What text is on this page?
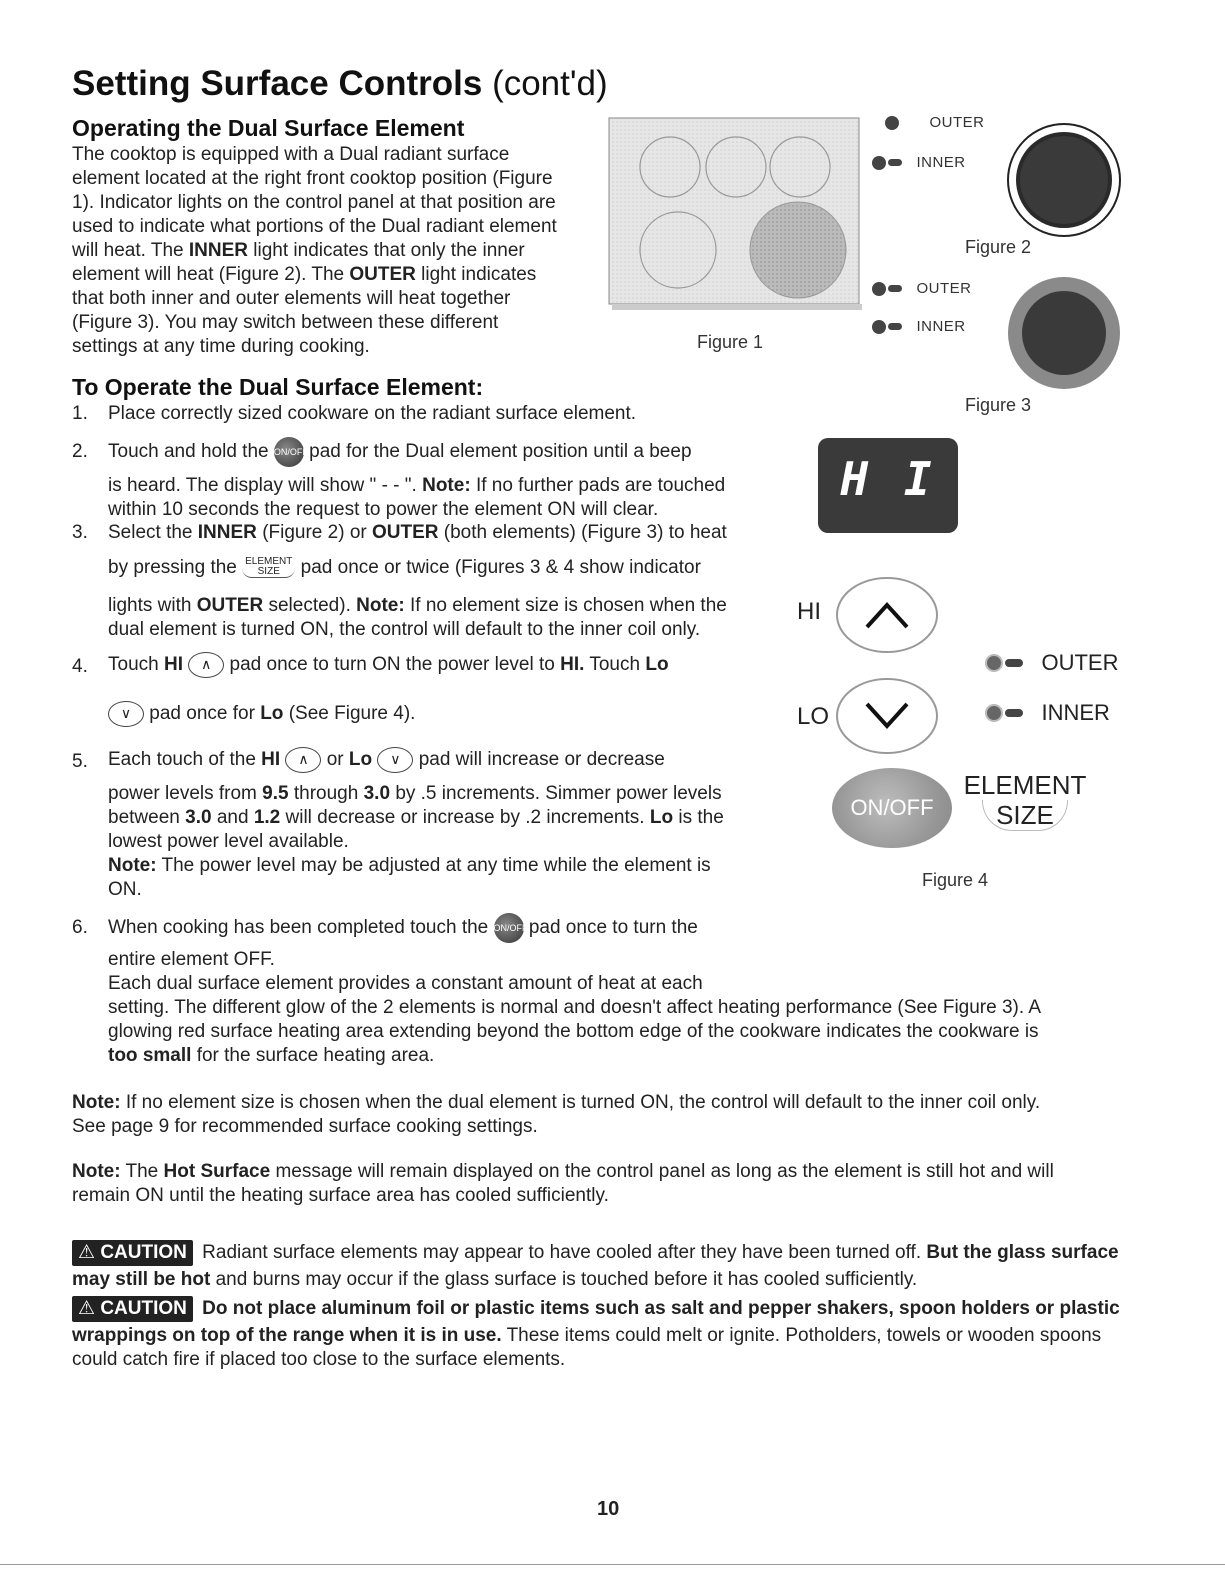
Setting Surface Controls (cont'd)
Operating the Dual Surface Element
The cooktop is equipped with a Dual radiant surface
element located at the right front cooktop position (Figure
1). Indicator lights on the control panel at that position are
used to indicate what portions of the Dual radiant element
will heat. The INNER light indicates that only the inner
element will heat (Figure 2). The OUTER light indicates
that both inner and outer elements will heat together
(Figure 3). You may switch between these different
settings at any time during cooking.	Figure 1
OUTER
INNER
Figure 2
OUTER
INNER
Figure 3
To Operate the Dual Surface Element:
1. Place correctly sized cookware on the radiant surface element.
2. Touch and hold the ON/OFF pad for the Dual element position until a beep
is heard. The display will show " - - ". Note: If no further pads are touched
within 10 seconds the request to power the element ON will clear.
3. Select the INNER (Figure 2) or OUTER (both elements) (Figure 3) to heat
by pressing the ELEMENT
SIZE pad once or twice (Figures 3 & 4 show indicator
lights with OUTER selected). Note: If no element size is chosen when the
dual element is turned ON, the control will default to the inner coil only.
4. Touch HI ∧ pad once to turn ON the power level to HI. Touch Lo
∨ pad once for Lo (See Figure 4).
5. Each touch of the HI ∧ or Lo ∨ pad will increase or decrease
power levels from 9.5 through 3.0 by .5 increments. Simmer power levels
between 3.0 and 1.2 will decrease or increase by .2 increments. Lo is the
lowest power level available.
Note: The power level may be adjusted at any time while the element is
ON.
6. When cooking has been completed touch the ON/OFF pad once to turn the
entire element OFF.
Each dual surface element provides a constant amount of heat at each
setting. The different glow of the 2 elements is normal and doesn't affect heating performance (See Figure 3). A
glowing red surface heating area extending beyond the bottom edge of the cookware indicates the cookware is
too small for the surface heating area.
H I
HI
LO
OUTER
INNER
ON/OFF
ELEMENT
SIZE
Figure 4
Note: If no element size is chosen when the dual element is turned ON, the control will default to the inner coil only.
See page 9 for recommended surface cooking settings.
Note: The Hot Surface message will remain displayed on the control panel as long as the element is still hot and will
remain ON until the heating surface area has cooled sufficiently.
⚠ CAUTION Radiant surface elements may appear to have cooled after they have been turned off. But the glass surface
may still be hot and burns may occur if the glass surface is touched before it has cooled sufficiently.
⚠ CAUTION Do not place aluminum foil or plastic items such as salt and pepper shakers, spoon holders or plastic
wrappings on top of the range when it is in use. These items could melt or ignite. Potholders, towels or wooden spoons
could catch fire if placed too close to the surface elements.
10
